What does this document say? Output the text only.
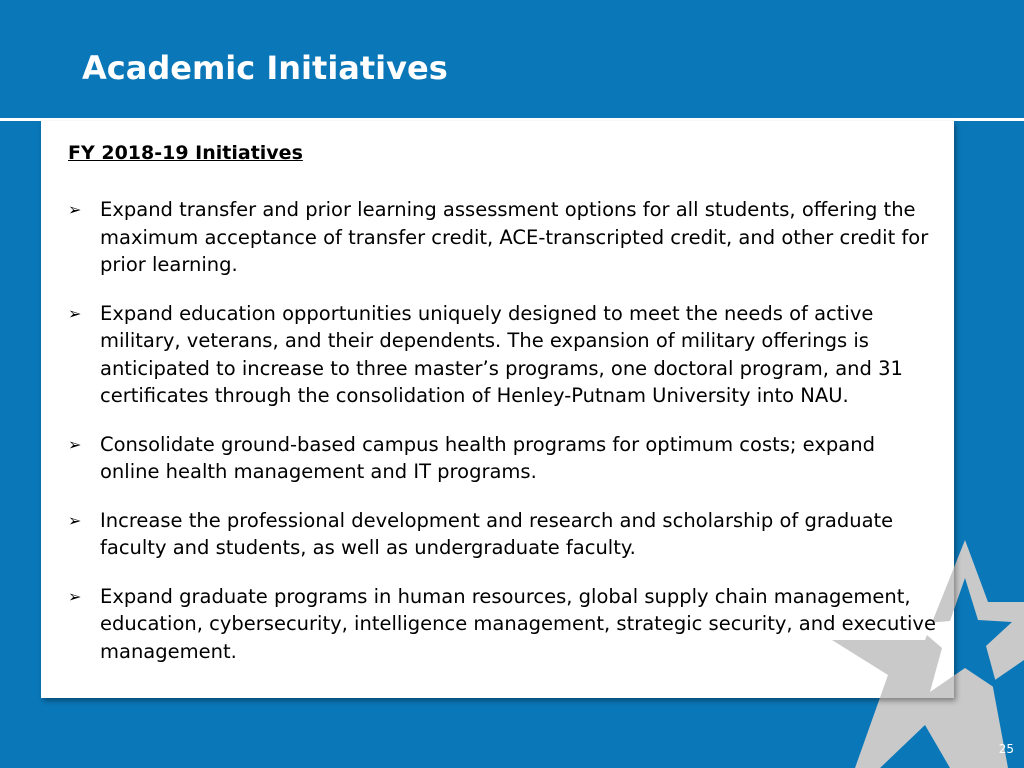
Academic Initiatives
FY 2018-19 Initiatives
➢ Expand transfer and prior learning assessment options for all students, offering the maximum acceptance of transfer credit, ACE-transcripted credit, and other credit for prior learning.
➢ Expand education opportunities uniquely designed to meet the needs of active military, veterans, and their dependents. The expansion of military offerings is anticipated to increase to three master’s programs, one doctoral program, and 31 certificates through the consolidation of Henley-Putnam University into NAU.
➢ Consolidate ground-based campus health programs for optimum costs; expand online health management and IT programs.
➢ Increase the professional development and research and scholarship of graduate faculty and students, as well as undergraduate faculty.
➢ Expand graduate programs in human resources, global supply chain management, education, cybersecurity, intelligence management, strategic security, and executive management.
25
